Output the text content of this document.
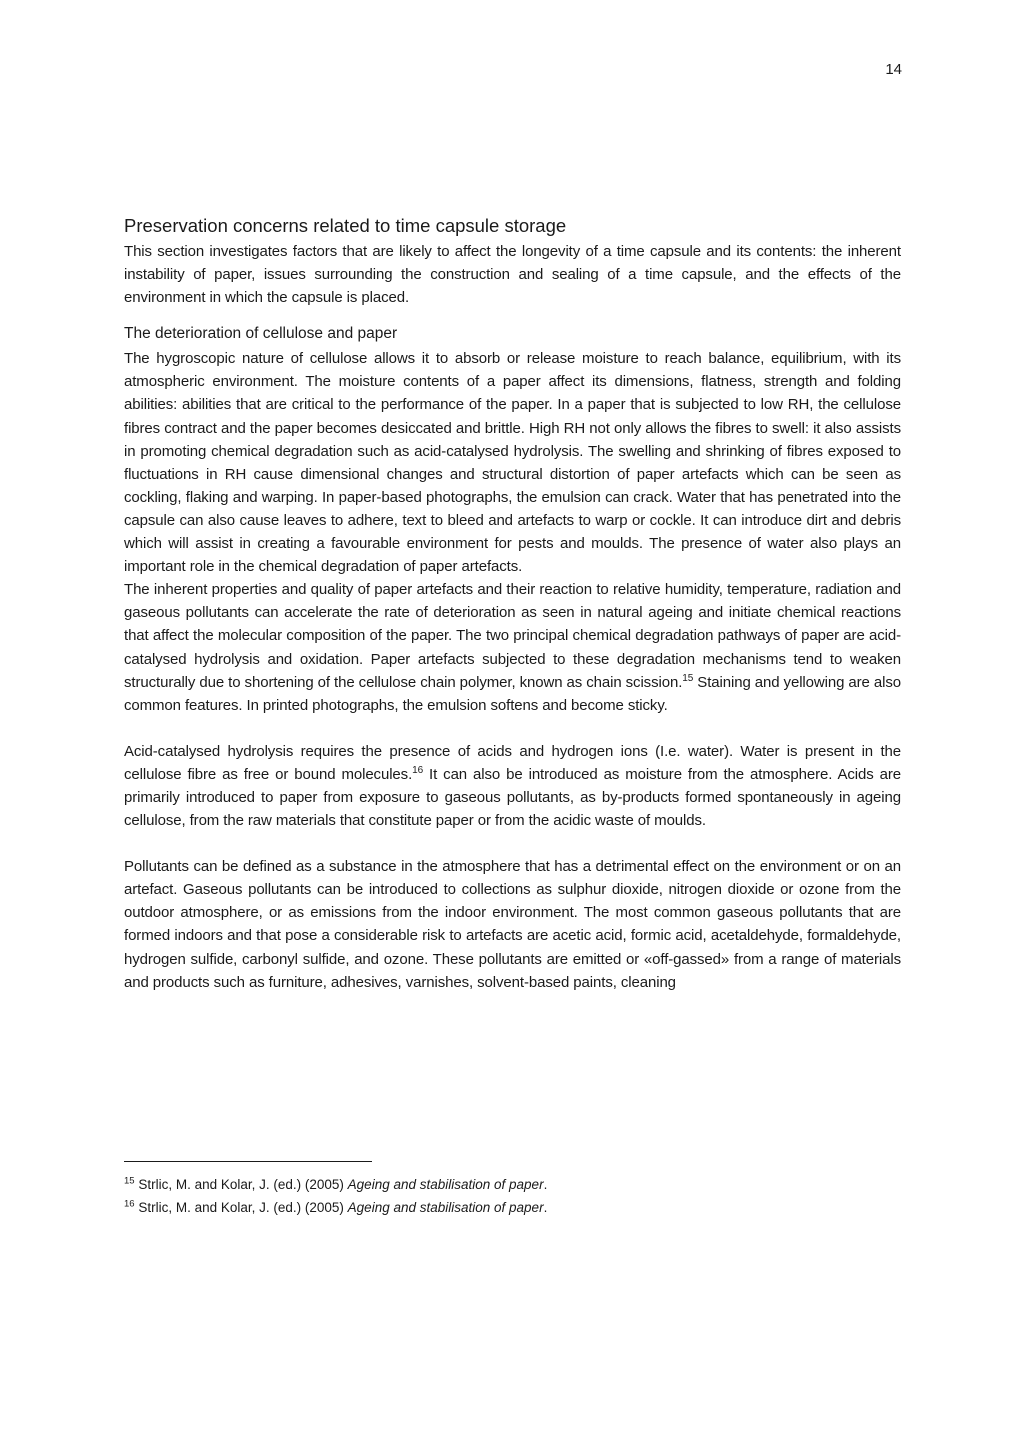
14
Preservation concerns related to time capsule storage

This section investigates factors that are likely to affect the longevity of a time capsule and its contents: the inherent instability of paper, issues surrounding the construction and sealing of a time capsule, and the effects of the environment in which the capsule is placed.

The deterioration of cellulose and paper

The hygroscopic nature of cellulose allows it to absorb or release moisture to reach balance, equilibrium, with its atmospheric environment. The moisture contents of a paper affect its dimensions, flatness, strength and folding abilities: abilities that are critical to the performance of the paper. In a paper that is subjected to low RH, the cellulose fibres contract and the paper becomes desiccated and brittle. High RH not only allows the fibres to swell: it also assists in promoting chemical degradation such as acid-catalysed hydrolysis. The swelling and shrinking of fibres exposed to fluctuations in RH cause dimensional changes and structural distortion of paper artefacts which can be seen as cockling, flaking and warping. In paper-based photographs, the emulsion can crack. Water that has penetrated into the capsule can also cause leaves to adhere, text to bleed and artefacts to warp or cockle. It can introduce dirt and debris which will assist in creating a favourable environment for pests and moulds. The presence of water also plays an important role in the chemical degradation of paper artefacts.

The inherent properties and quality of paper artefacts and their reaction to relative humidity, temperature, radiation and gaseous pollutants can accelerate the rate of deterioration as seen in natural ageing and initiate chemical reactions that affect the molecular composition of the paper. The two principal chemical degradation pathways of paper are acid-catalysed hydrolysis and oxidation. Paper artefacts subjected to these degradation mechanisms tend to weaken structurally due to shortening of the cellulose chain polymer, known as chain scission.$^{15}$ Staining and yellowing are also common features. In printed photographs, the emulsion softens and become sticky.

Acid-catalysed hydrolysis requires the presence of acids and hydrogen ions (I.e. water). Water is present in the cellulose fibre as free or bound molecules.$^{16}$ It can also be introduced as moisture from the atmosphere. Acids are primarily introduced to paper from exposure to gaseous pollutants, as by-products formed spontaneously in ageing cellulose, from the raw materials that constitute paper or from the acidic waste of moulds.

Pollutants can be defined as a substance in the atmosphere that has a detrimental effect on the environment or on an artefact. Gaseous pollutants can be introduced to collections as sulphur dioxide, nitrogen dioxide or ozone from the outdoor atmosphere, or as emissions from the indoor environment. The most common gaseous pollutants that are formed indoors and that pose a considerable risk to artefacts are acetic acid, formic acid, acetaldehyde, formaldehyde, hydrogen sulfide, carbonyl sulfide, and ozone. These pollutants are emitted or «off-gassed» from a range of materials and products such as furniture, adhesives, varnishes, solvent-based paints, cleaning

$^{15}$ Strlic, M. and Kolar, J. (ed.) (2005) Ageing and stabilisation of paper.
$^{16}$ Strlic, M. and Kolar, J. (ed.) (2005) Ageing and stabilisation of paper.
